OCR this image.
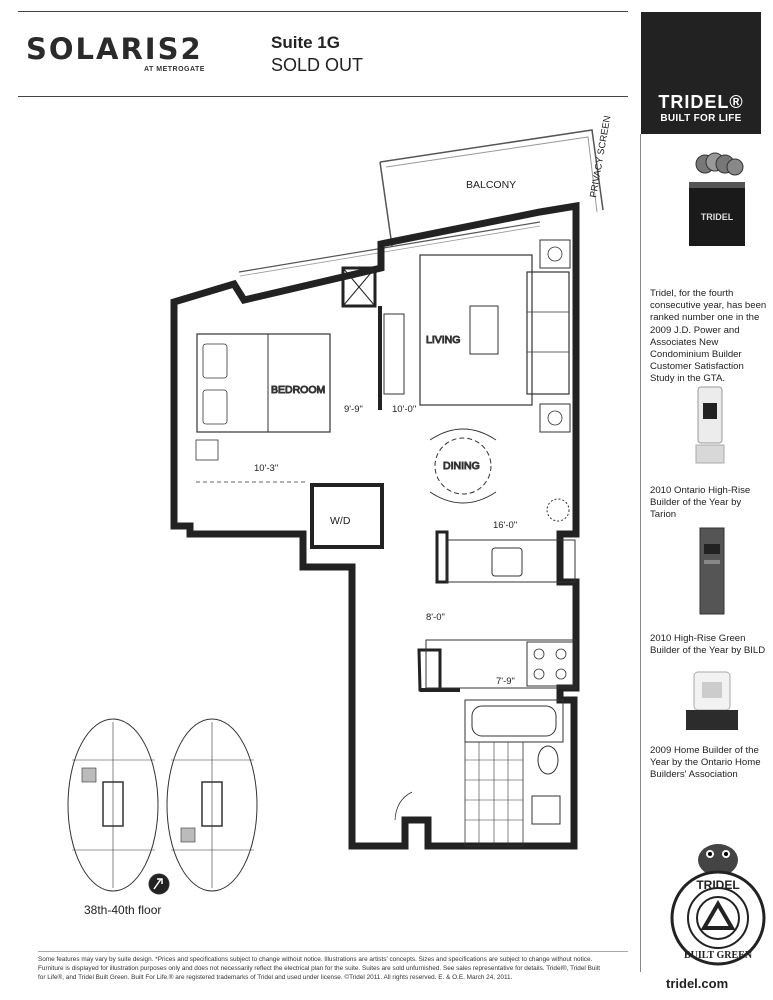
SOLARIS2
AT METROGATE
Suite 1G
SOLD OUT
TRIDEL®
BUILT FOR LIFE
TRIDEL
Tridel, for the fourth consecutive year, has been ranked number one in the 2009 J.D. Power and Associates New Condominium Builder Customer Satisfaction Study in the GTA.
2010 Ontario High-Rise Builder of the Year by Tarion
2010 High-Rise Green Builder of the Year by BILD
2009 Home Builder of the Year by the Ontario Home Builders' Association
TRIDEL
BUILT GREEN
BALCONY	PRIVACY SCREEN
LIVING
BEDROOM
DINING
W/D
10'-0"
9'-9"
10'-3"
16'-0"
8'-0"
7'-9"
38th-40th floor
Some features may vary by suite design. *Prices and specifications subject to change without notice. Illustrations are artists' concepts. Sizes and specifications are subject to change without notice. Furniture is displayed for illustration purposes only and does not necessarily reflect the electrical plan for the suite. Suites are sold unfurnished. See sales representative for details. Tridel®, Tridel Built for Life®, and Tridel Built Green. Built For Life.® are registered trademarks of Tridel and used under license. ©Tridel 2011. All rights reserved. E. & O.E. March 24, 2011.	tridel.com
